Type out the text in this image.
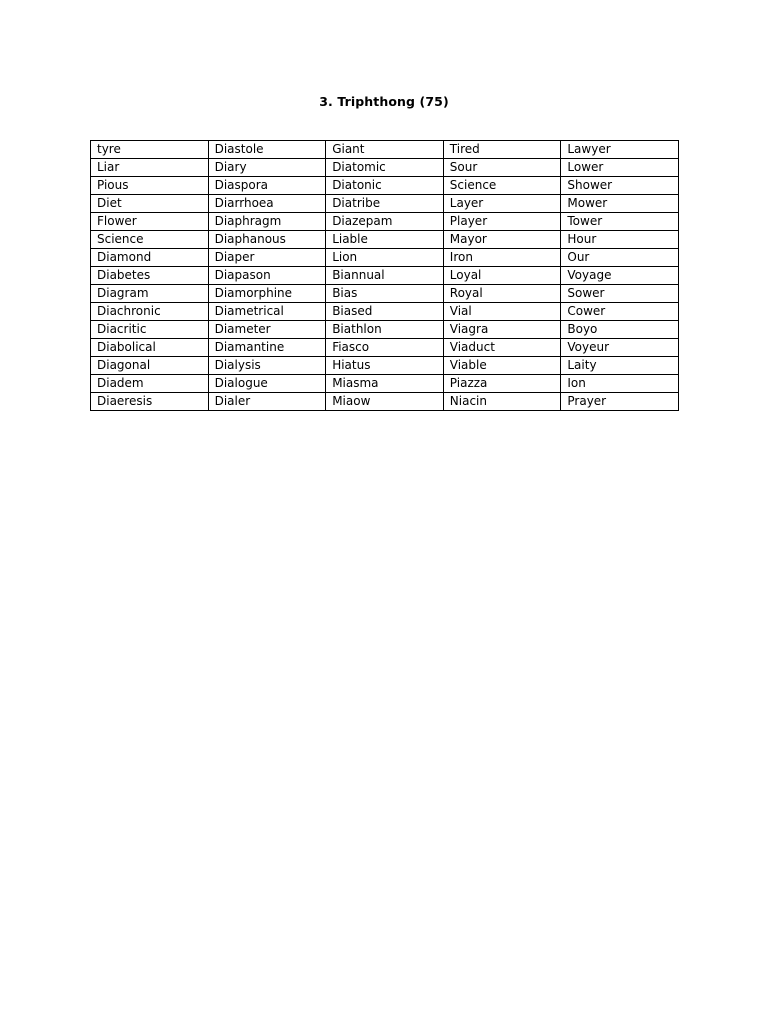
3. Triphthong (75)
tyre	Diastole	Giant	Tired	Lawyer
Liar	Diary	Diatomic	Sour	Lower
Pious	Diaspora	Diatonic	Science	Shower
Diet	Diarrhoea	Diatribe	Layer	Mower
Flower	Diaphragm	Diazepam	Player	Tower
Science	Diaphanous	Liable	Mayor	Hour
Diamond	Diaper	Lion	Iron	Our
Diabetes	Diapason	Biannual	Loyal	Voyage
Diagram	Diamorphine	Bias	Royal	Sower
Diachronic	Diametrical	Biased	Vial	Cower
Diacritic	Diameter	Biathlon	Viagra	Boyo
Diabolical	Diamantine	Fiasco	Viaduct	Voyeur
Diagonal	Dialysis	Hiatus	Viable	Laity
Diadem	Dialogue	Miasma	Piazza	Ion
Diaeresis	Dialer	Miaow	Niacin	Prayer
